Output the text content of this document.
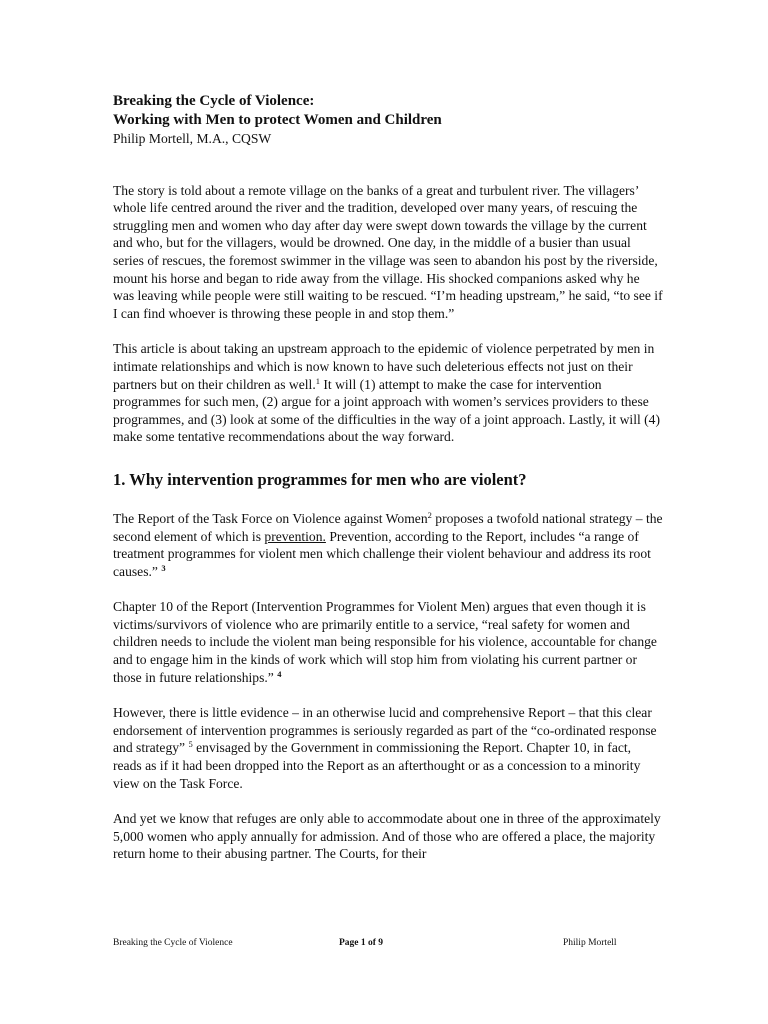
Breaking the Cycle of Violence:

Working with Men to protect Women and Children

Philip Mortell, M.A., CQSW

The story is told about a remote village on the banks of a great and turbulent river. The villagers’ whole life centred around the river and the tradition, developed over many years, of rescuing the struggling men and women who day after day were swept down towards the village by the current and who, but for the villagers, would be drowned. One day, in the middle of a busier than usual series of rescues, the foremost swimmer in the village was seen to abandon his post by the riverside, mount his horse and began to ride away from the village. His shocked companions asked why he was leaving while people were still waiting to be rescued. “I’m heading upstream,” he said, “to see if I can find whoever is throwing these people in and stop them.”

This article is about taking an upstream approach to the epidemic of violence perpetrated by men in intimate relationships and which is now known to have such deleterious effects not just on their partners but on their children as well.$^1$ It will (1) attempt to make the case for intervention programmes for such men, (2) argue for a joint approach with women’s services providers to these programmes, and (3) look at some of the difficulties in the way of a joint approach. Lastly, it will (4) make some tentative recommendations about the way forward.

1. Why intervention programmes for men who are violent?

The Report of the Task Force on Violence against Women$^2$ proposes a twofold national strategy – the second element of which is prevention. Prevention, according to the Report, includes “a range of treatment programmes for violent men which challenge their violent behaviour and address its root causes.” $^3$

Chapter 10 of the Report (Intervention Programmes for Violent Men) argues that even though it is victims/survivors of violence who are primarily entitle to a service, “real safety for women and children needs to include the violent man being responsible for his violence, accountable for change and to engage him in the kinds of work which will stop him from violating his current partner or those in future relationships.” $^4$

However, there is little evidence – in an otherwise lucid and comprehensive Report – that this clear endorsement of intervention programmes is seriously regarded as part of the “co-ordinated response and strategy” $^5$ envisaged by the Government in commissioning the Report. Chapter 10, in fact, reads as if it had been dropped into the Report as an afterthought or as a concession to a minority view on the Task Force.

And yet we know that refuges are only able to accommodate about one in three of the approximately 5,000 women who apply annually for admission. And of those who are offered a place, the majority return home to their abusing partner. The Courts, for their

Breaking the Cycle of Violence	Page 1 of 9	Philip Mortell
